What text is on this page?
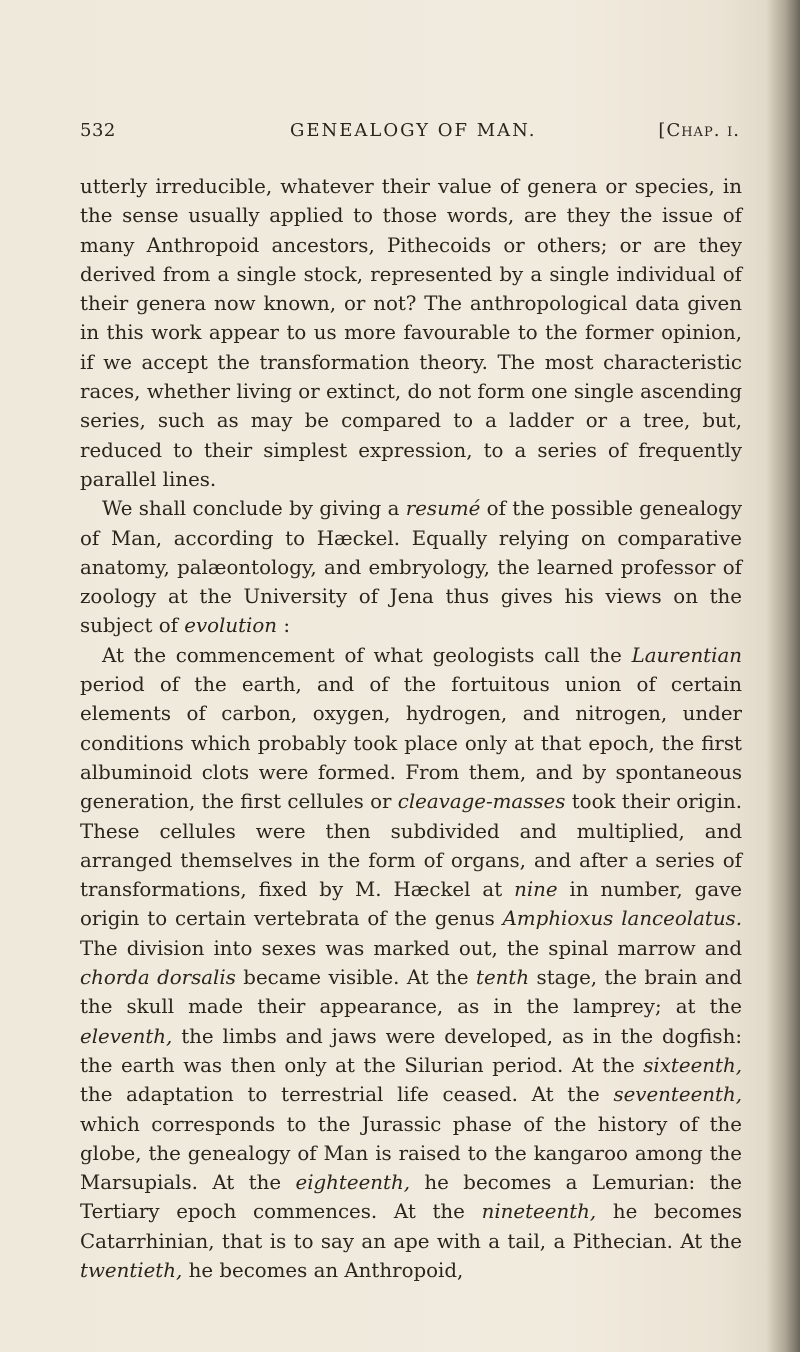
532	GENEALOGY OF MAN.	[Chap. i.

utterly irreducible, whatever their value of genera or species, in the sense usually applied to those words, are they the issue of many Anthropoid ancestors, Pithecoids or others; or are they derived from a single stock, represented by a single individual of their genera now known, or not? The anthropological data given in this work appear to us more favourable to the former opinion, if we accept the transformation theory. The most characteristic races, whether living or extinct, do not form one single ascending series, such as may be compared to a ladder or a tree, but, reduced to their simplest expression, to a series of frequently parallel lines.

We shall conclude by giving a resumé of the possible genealogy of Man, according to Hæckel. Equally relying on comparative anatomy, palæontology, and embryology, the learned professor of zoology at the University of Jena thus gives his views on the subject of evolution :

At the commencement of what geologists call the Laurentian period of the earth, and of the fortuitous union of certain elements of carbon, oxygen, hydrogen, and nitrogen, under conditions which probably took place only at that epoch, the first albuminoid clots were formed. From them, and by spontaneous generation, the first cellules or cleavage-masses took their origin. These cellules were then subdivided and multiplied, and arranged themselves in the form of organs, and after a series of transformations, fixed by M. Hæckel at nine in number, gave origin to certain vertebrata of the genus Amphioxus lanceolatus. The division into sexes was marked out, the spinal marrow and chorda dorsalis became visible. At the tenth stage, the brain and the skull made their appearance, as in the lamprey; at the eleventh, the limbs and jaws were developed, as in the dogfish: the earth was then only at the Silurian period. At the sixteenth, the adaptation to terrestrial life ceased. At the seventeenth, which corresponds to the Jurassic phase of the history of the globe, the genealogy of Man is raised to the kangaroo among the Marsupials. At the eighteenth, he becomes a Lemurian: the Tertiary epoch commences. At the nineteenth, he becomes Catarrhinian, that is to say an ape with a tail, a Pithecian. At the twentieth, he becomes an Anthropoid,
